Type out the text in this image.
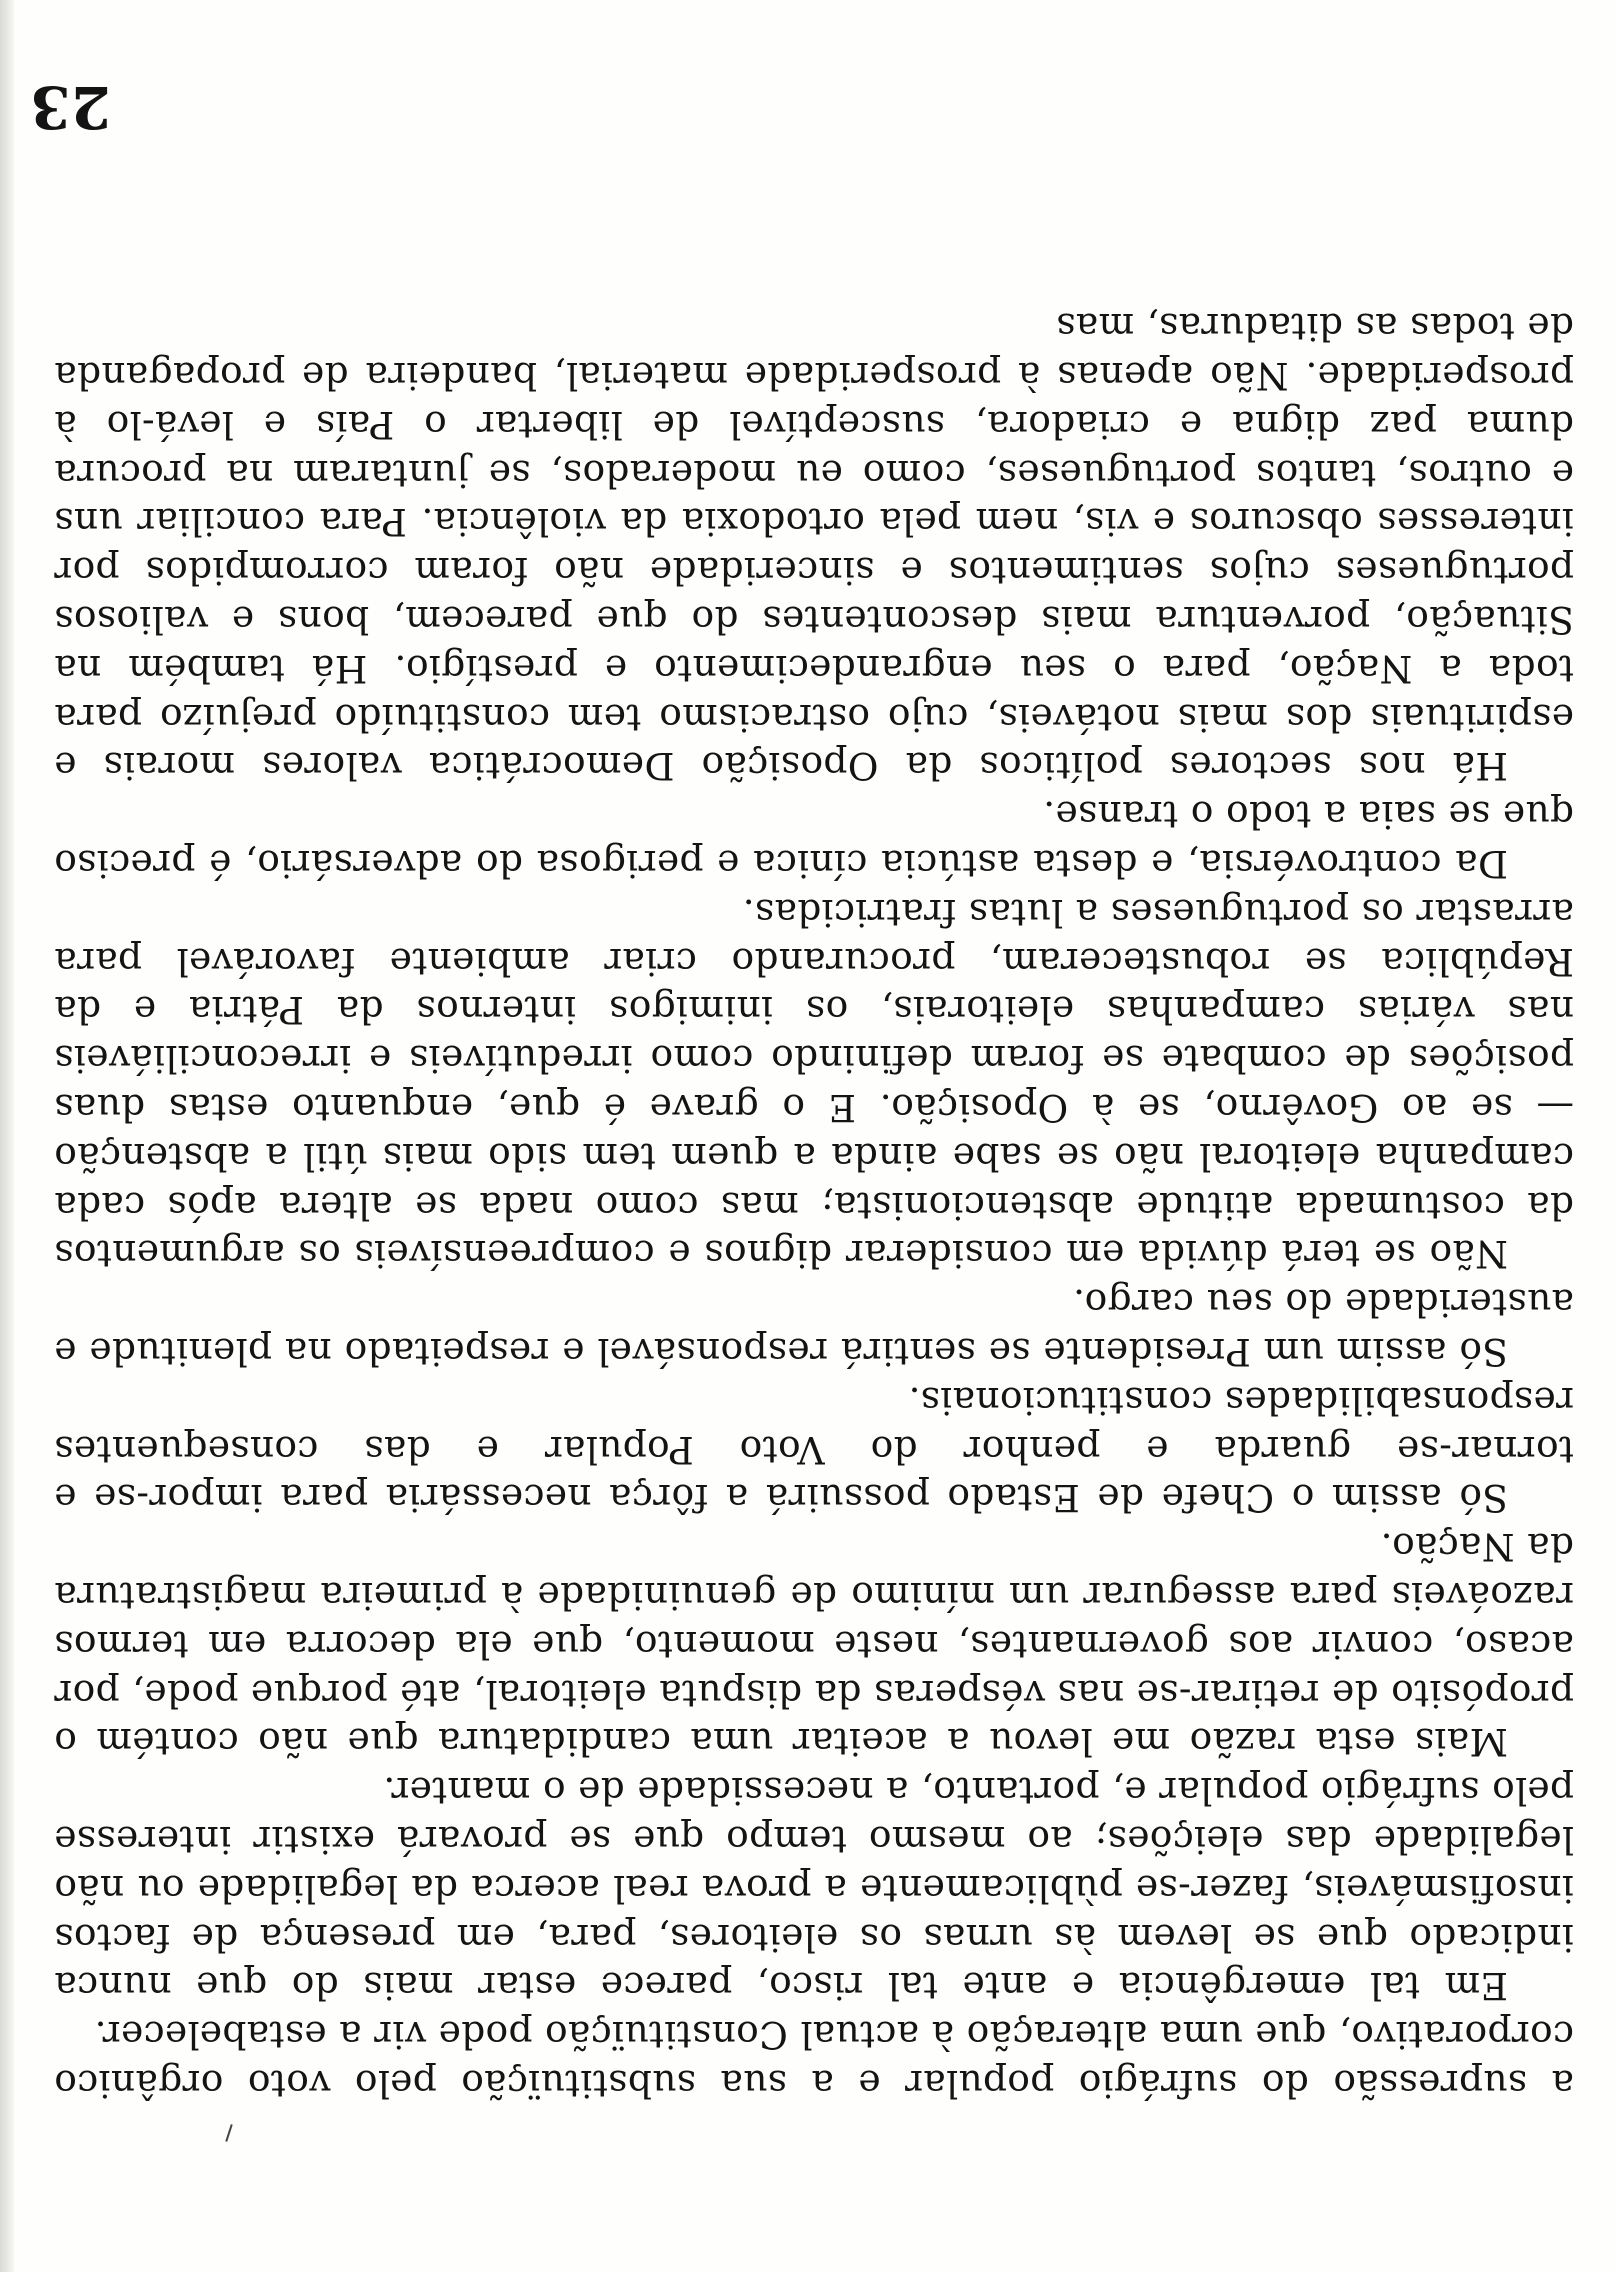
a supressão do sufrágio popular e a sua substituïção pelo voto orgânico corporativo, que uma alteração à actual Constituïção pode vir a estabelecer.

Em tal emergência e ante tal risco, parece estar mais do que nunca indicado que se levem às urnas os eleitores, para, em presença de factos insofismáveis, fazer-se pùblicamente a prova real acerca da legalidade ou não legalidade das eleições; ao mesmo tempo que se provará existir interesse pelo sufrágio popular e, portanto, a necessidade de o manter.

Mais esta razão me levou a aceitar uma candidatura que não contém o propósito de retirar-se nas vésperas da disputa eleitoral, até porque pode, por acaso, convir aos governantes, neste momento, que ela decorra em termos razoáveis para assegurar um mínimo de genuinidade à primeira magistratura da Nação.

Só assim o Chefe de Estado possuirá a fôrça necessária para impor-se e tornar-se guarda e penhor do Voto Popular e das consequentes responsabilidades constitucionais.

Só assim um Presidente se sentirá responsável e respeitado na plenitude e austeridade do seu cargo.

Não se terá dúvida em considerar dignos e compreensíveis os argumentos da costumada atitude abstencionista; mas como nada se altera após cada campanha eleitoral não se sabe ainda a quem tem sido mais útil a abstenção — se ao Govêrno, se à Oposição. E o grave é que, enquanto estas duas posições de combate se foram definindo como irredutíveis e irreconciliáveis nas várias campanhas eleitorais, os inimigos internos da Pátria e da República se robusteceram, procurando criar ambiente favorável para arrastar os portugueses a lutas fratricidas.

Da controvérsia, e desta astúcia cínica e perigosa do adversário, é preciso que se saia a todo o transe.

Há nos sectores políticos da Oposição Democrática valores morais e espirituais dos mais notáveis, cujo ostracismo tem constituído prejuízo para toda a Nação, para o seu engrandecimento e prestígio. Há também na Situação, porventura mais descontentes do que parecem, bons e valiosos portugueses cujos sentimentos e sinceridade não foram corrompidos por interesses obscuros e vis, nem pela ortodoxia da violência. Para conciliar uns e outros, tantos portugueses, como eu moderados, se juntaram na procura duma paz digna e criadora, susceptível de libertar o País e levá-lo à prosperidade. Não apenas à prosperidade material, bandeira de propaganda de todas as ditaduras, mas

23
